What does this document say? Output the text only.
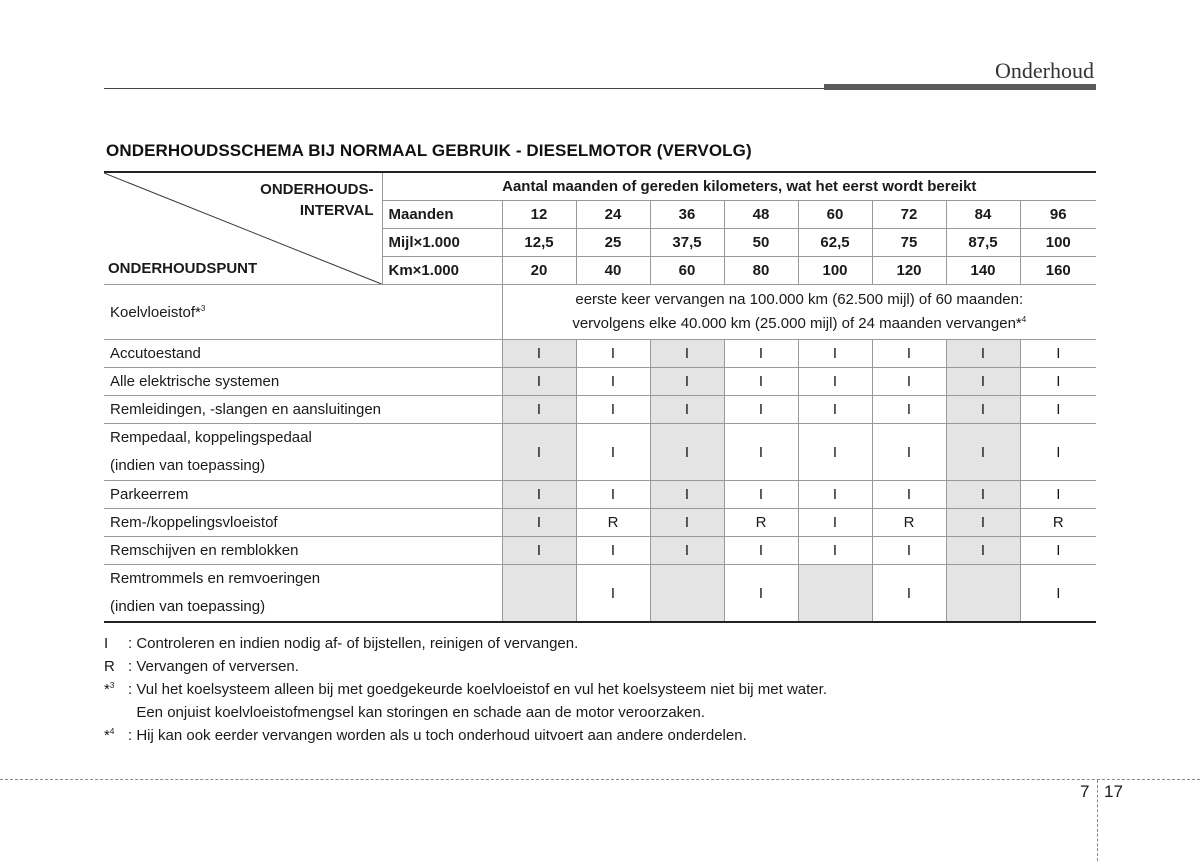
Onderhoud
ONDERHOUDSSCHEMA BIJ NORMAAL GEBRUIK - DIESELMOTOR (VERVOLG)
ONDERHOUDS-
INTERVAL
ONDERHOUDSPUNT	Aantal maanden of gereden kilometers, wat het eerst wordt bereikt								
	Maanden	12	24	36	48	60	72	84	96
	Mijl×1.000	12,5	25	37,5	50	62,5	75	87,5	100
	Km×1.000	20	40	60	80	100	120	140	160
Koelvloeistof*$^3$		eerste keer vervangen na 100.000 km (62.500 mijl) of 60 maanden:
vervolgens elke 40.000 km (25.000 mijl) of 24 maanden vervangen*$^4$

Accutoestand		I	I	I	I	I	I	I	I
Alle elektrische systemen		I	I	I	I	I	I	I	I
Remleidingen, -slangen en aansluitingen		I	I	I	I	I	I	I	I

Rempedaal, koppelingspedaal
(indien van toepassing)		I	I	I	I	I	I	I	I
Parkeerrem		I	I	I	I	I	I	I	I
Rem-/koppelingsvloeistof		I	R	I	R	I	R	I	R
Remschijven en remblokken		I	I	I	I	I	I	I	I

Remtrommels en remvoeringen
(indien van toepassing)			I		I		I		I
I	: Controleren en indien nodig af- of bijstellen, reinigen of vervangen.
R : Vervangen of verversen.
*$^3$ : Vul het koelsysteem alleen bij met goedgekeurde koelvloeistof en vul het koelsysteem niet bij met water.
Een onjuist koelvloeistofmengsel kan storingen en schade aan de motor veroorzaken.
*$^4$ : Hij kan ook eerder vervangen worden als u toch onderhoud uitvoert aan andere onderdelen.
7 17
